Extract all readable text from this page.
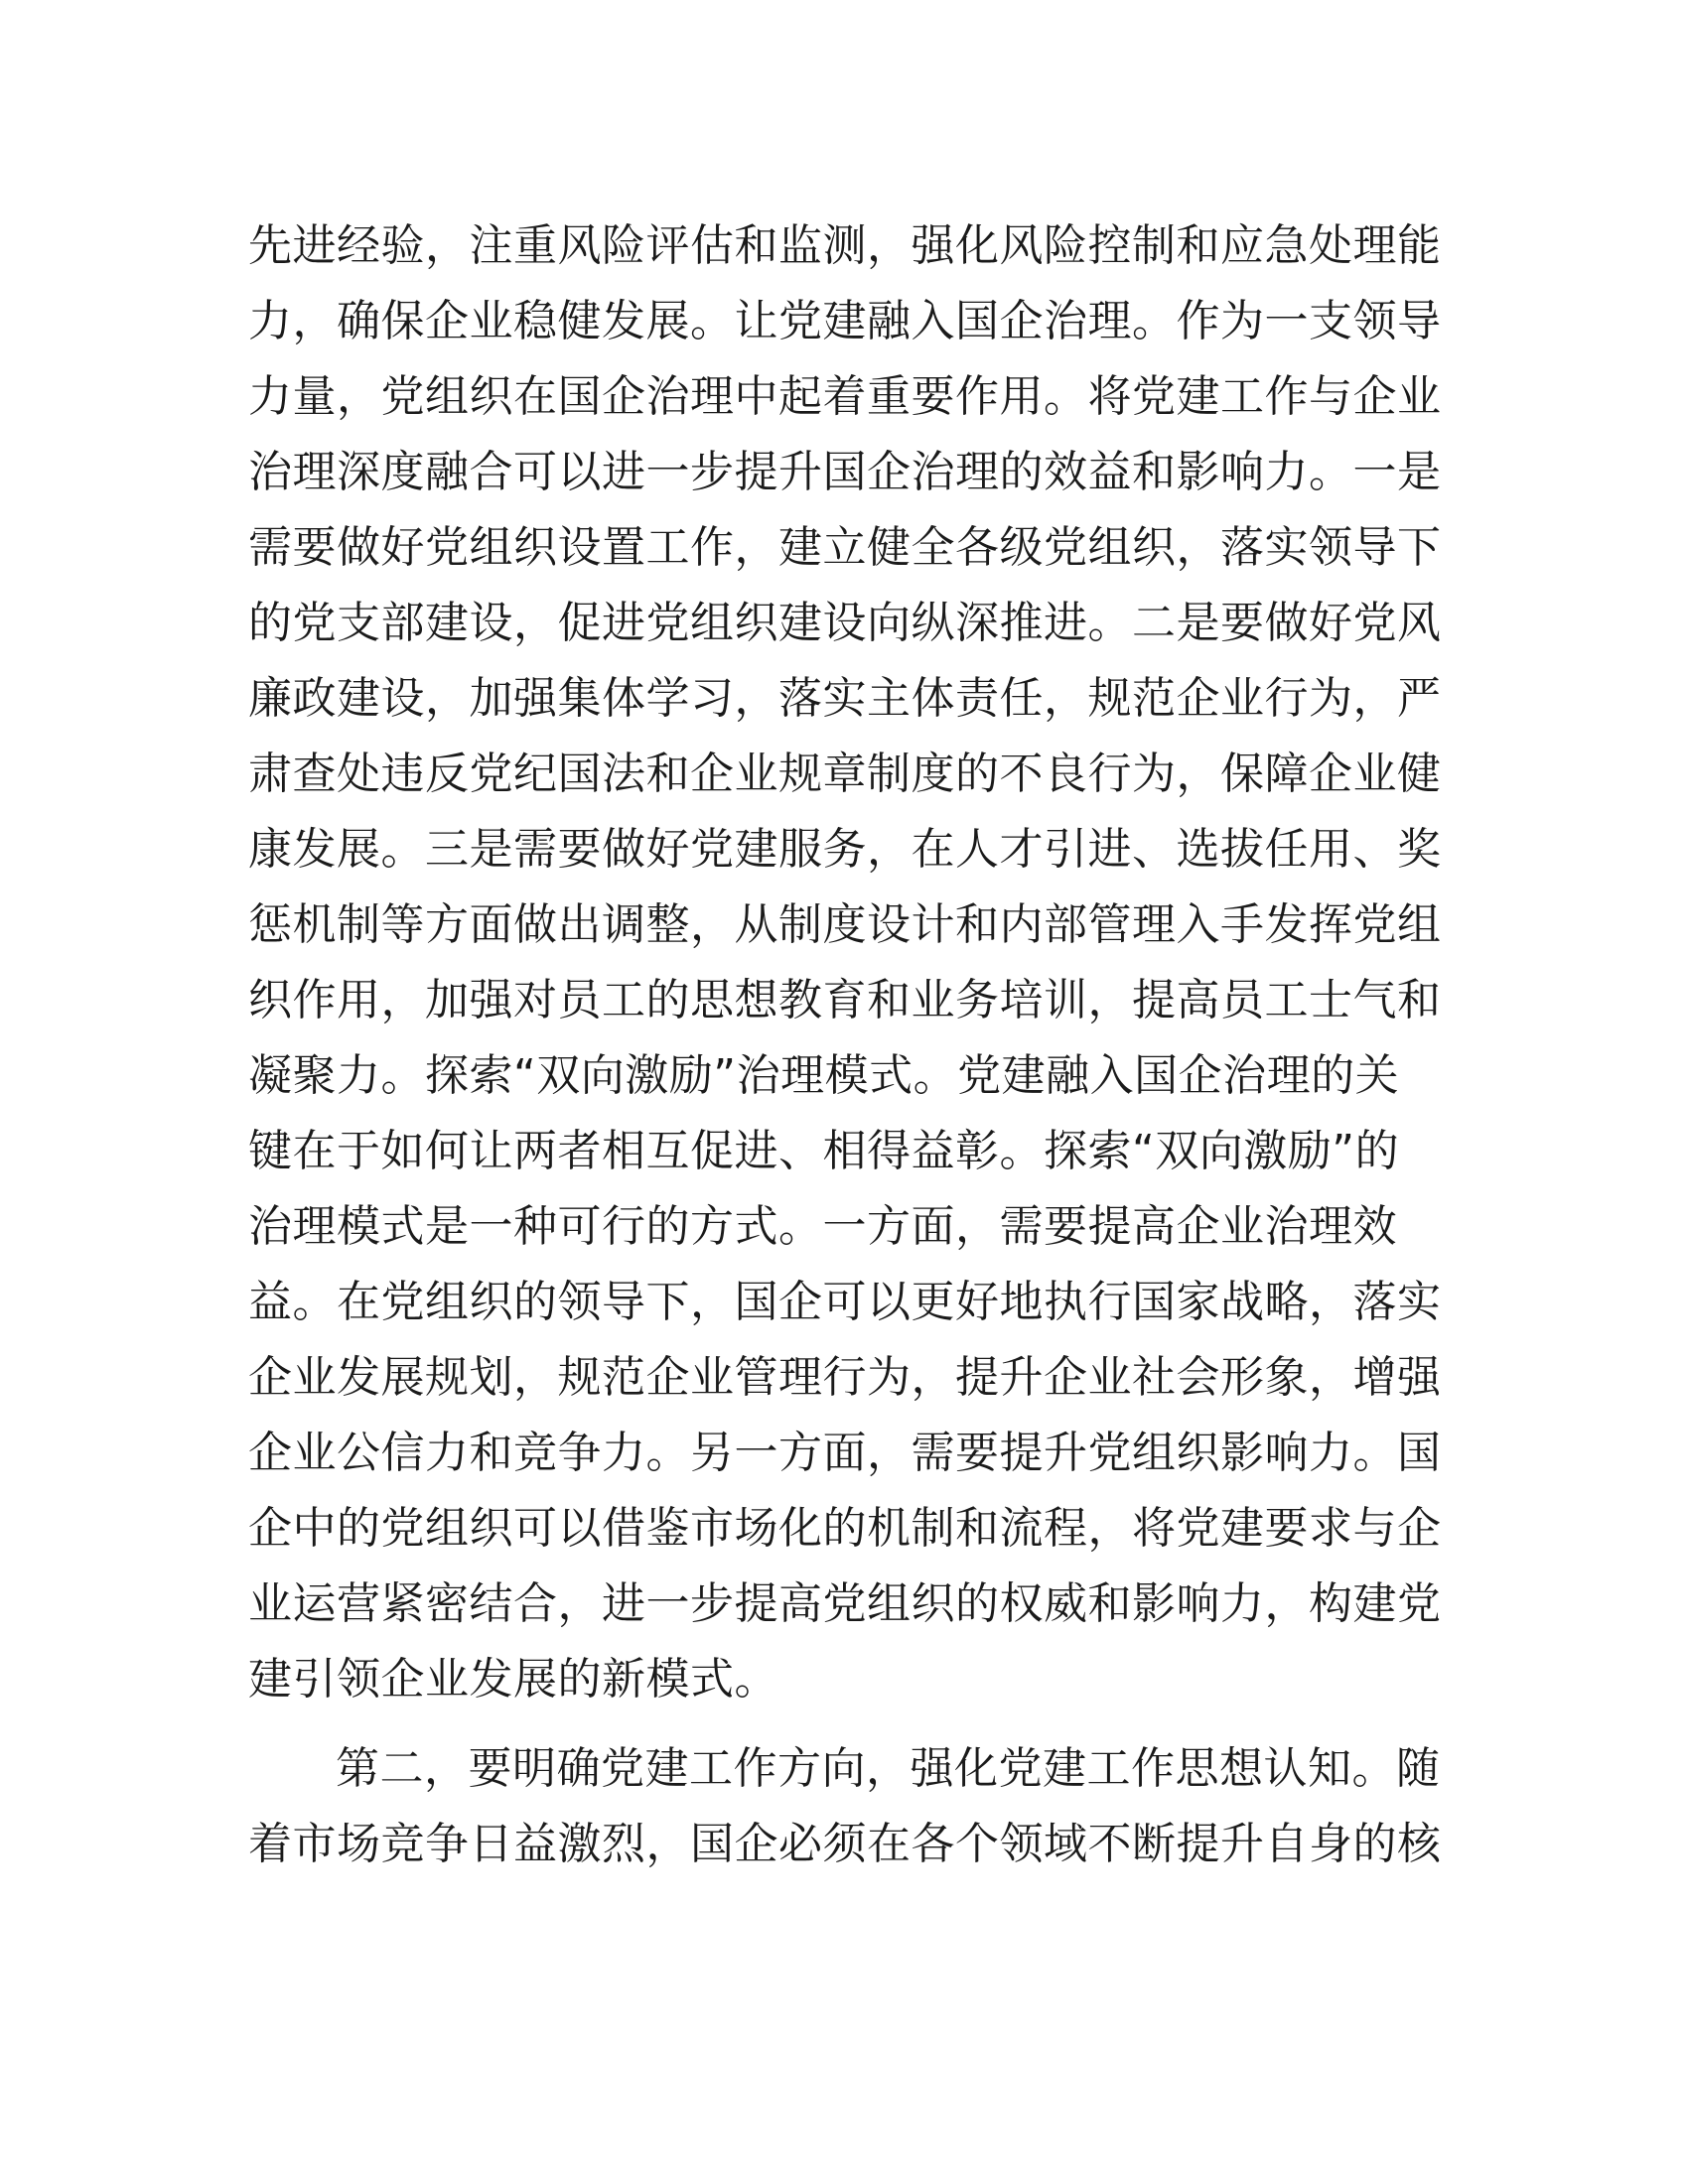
先进经验，注重风险评估和监测，强化风险控制和应急处理能
力，确保企业稳健发展。让党建融入国企治理。作为一支领导
力量，党组织在国企治理中起着重要作用。将党建工作与企业
治理深度融合可以进一步提升国企治理的效益和影响力。一是
需要做好党组织设置工作，建立健全各级党组织，落实领导下
的党支部建设，促进党组织建设向纵深推进。二是要做好党风
廉政建设，加强集体学习，落实主体责任，规范企业行为，严
肃查处违反党纪国法和企业规章制度的不良行为，保障企业健
康发展。三是需要做好党建服务，在人才引进、选拔任用、奖
惩机制等方面做出调整，从制度设计和内部管理入手发挥党组
织作用，加强对员工的思想教育和业务培训，提高员工士气和
凝聚力。探索“双向激励”治理模式。党建融入国企治理的关
键在于如何让两者相互促进、相得益彰。探索“双向激励”的
治理模式是一种可行的方式。一方面，需要提高企业治理效
益。在党组织的领导下，国企可以更好地执行国家战略，落实
企业发展规划，规范企业管理行为，提升企业社会形象，增强
企业公信力和竞争力。另一方面，需要提升党组织影响力。国
企中的党组织可以借鉴市场化的机制和流程，将党建要求与企
业运营紧密结合，进一步提高党组织的权威和影响力，构建党
建引领企业发展的新模式。
第二，要明确党建工作方向，强化党建工作思想认知。随
着市场竞争日益激烈，国企必须在各个领域不断提升自身的核
